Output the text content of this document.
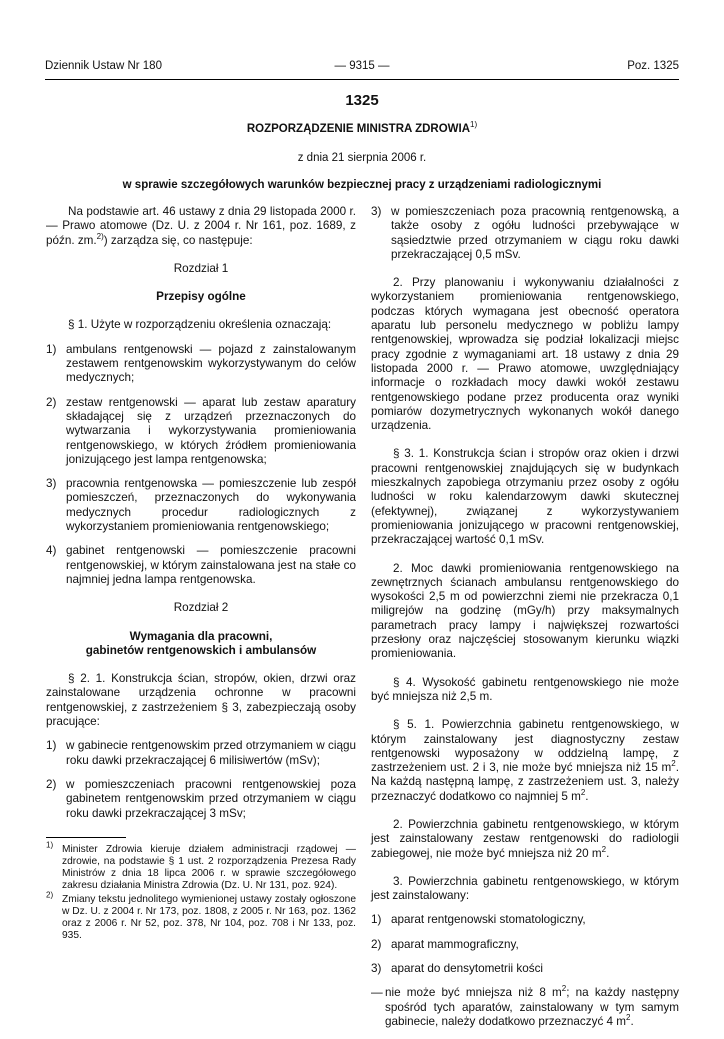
Dziennik Ustaw Nr 180	— 9315 —	Poz. 1325
1325
ROZPORZĄDZENIE MINISTRA ZDROWIA$^{1)}$
z dnia 21 sierpnia 2006 r.
w sprawie szczegółowych warunków bezpiecznej pracy z urządzeniami radiologicznymi

Na podstawie art. 46 ustawy z dnia 29 listopada 2000 r. — Prawo atomowe (Dz. U. z 2004 r. Nr 161, poz. 1689, z późn. zm.$^{2)}$) zarządza się, co następuje:

Rozdział 1

Przepisy ogólne

§ 1. Użyte w rozporządzeniu określenia oznaczają:

1) ambulans rentgenowski — pojazd z zainstalowanym zestawem rentgenowskim wykorzystywanym do celów medycznych;
2) zestaw rentgenowski — aparat lub zestaw aparatury składającej się z urządzeń przeznaczonych do wytwarzania i wykorzystywania promieniowania rentgenowskiego, w których źródłem promieniowania jonizującego jest lampa rentgenowska;
3) pracownia rentgenowska — pomieszczenie lub zespół pomieszczeń, przeznaczonych do wykonywania medycznych procedur radiologicznych z wykorzystaniem promieniowania rentgenowskiego;
4) gabinet rentgenowski — pomieszczenie pracowni rentgenowskiej, w którym zainstalowana jest na stałe co najmniej jedna lampa rentgenowska.

Rozdział 2

Wymagania dla pracowni,
gabinetów rentgenowskich i ambulansów

§ 2. 1. Konstrukcja ścian, stropów, okien, drzwi oraz zainstalowane urządzenia ochronne w pracowni rentgenowskiej, z zastrzeżeniem § 3, zabezpieczają osoby pracujące:

1) w gabinecie rentgenowskim przed otrzymaniem w ciągu roku dawki przekraczającej 6 milisiwertów (mSv);
2) w pomieszczeniach pracowni rentgenowskiej poza gabinetem rentgenowskim przed otrzymaniem w ciągu roku dawki przekraczającej 3 mSv;
$^{1)}$ Minister Zdrowia kieruje działem administracji rządowej — zdrowie, na podstawie § 1 ust. 2 rozporządzenia Prezesa Rady Ministrów z dnia 18 lipca 2006 r. w sprawie szczegółowego zakresu działania Ministra Zdrowia (Dz. U. Nr 131, poz. 924).
$^{2)}$ Zmiany tekstu jednolitego wymienionej ustawy zostały ogłoszone w Dz. U. z 2004 r. Nr 173, poz. 1808, z 2005 r. Nr 163, poz. 1362 oraz z 2006 r. Nr 52, poz. 378, Nr 104, poz. 708 i Nr 133, poz. 935.
3) w pomieszczeniach poza pracownią rentgenowską, a także osoby z ogółu ludności przebywające w sąsiedztwie przed otrzymaniem w ciągu roku dawki przekraczającej 0,5 mSv.

2. Przy planowaniu i wykonywaniu działalności z wykorzystaniem promieniowania rentgenowskiego, podczas których wymagana jest obecność operatora aparatu lub personelu medycznego w pobliżu lampy rentgenowskiej, wprowadza się podział lokalizacji miejsc pracy zgodnie z wymaganiami art. 18 ustawy z dnia 29 listopada 2000 r. — Prawo atomowe, uwzględniający informacje o rozkładach mocy dawki wokół zestawu rentgenowskiego podane przez producenta oraz wyniki pomiarów dozymetrycznych wykonanych wokół danego urządzenia.

§ 3. 1. Konstrukcja ścian i stropów oraz okien i drzwi pracowni rentgenowskiej znajdujących się w budynkach mieszkalnych zapobiega otrzymaniu przez osoby z ogółu ludności w roku kalendarzowym dawki skutecznej (efektywnej), związanej z wykorzystywaniem promieniowania jonizującego w pracowni rentgenowskiej, przekraczającej wartość 0,1 mSv.

2. Moc dawki promieniowania rentgenowskiego na zewnętrznych ścianach ambulansu rentgenowskiego do wysokości 2,5 m od powierzchni ziemi nie przekracza 0,1 miligrejów na godzinę (mGy/h) przy maksymalnych parametrach pracy lampy i największej rozwartości przesłony oraz najczęściej stosowanym kierunku wiązki promieniowania.

§ 4. Wysokość gabinetu rentgenowskiego nie może być mniejsza niż 2,5 m.

§ 5. 1. Powierzchnia gabinetu rentgenowskiego, w którym zainstalowany jest diagnostyczny zestaw rentgenowski wyposażony w oddzielną lampę, z zastrzeżeniem ust. 2 i 3, nie może być mniejsza niż 15 $m^2$. Na każdą następną lampę, z zastrzeżeniem ust. 3, należy przeznaczyć dodatkowo co najmniej 5 $m^2$.

2. Powierzchnia gabinetu rentgenowskiego, w którym jest zainstalowany zestaw rentgenowski do radiologii zabiegowej, nie może być mniejsza niż 20 $m^2$.

3. Powierzchnia gabinetu rentgenowskiego, w którym jest zainstalowany:

1) aparat rentgenowski stomatologiczny,
2) aparat mammograficzny,
3) aparat do densytometrii kości
— nie może być mniejsza niż 8 $m^2$; na każdy następny spośród tych aparatów, zainstalowany w tym samym gabinecie, należy dodatkowo przeznaczyć 4 $m^2$.
